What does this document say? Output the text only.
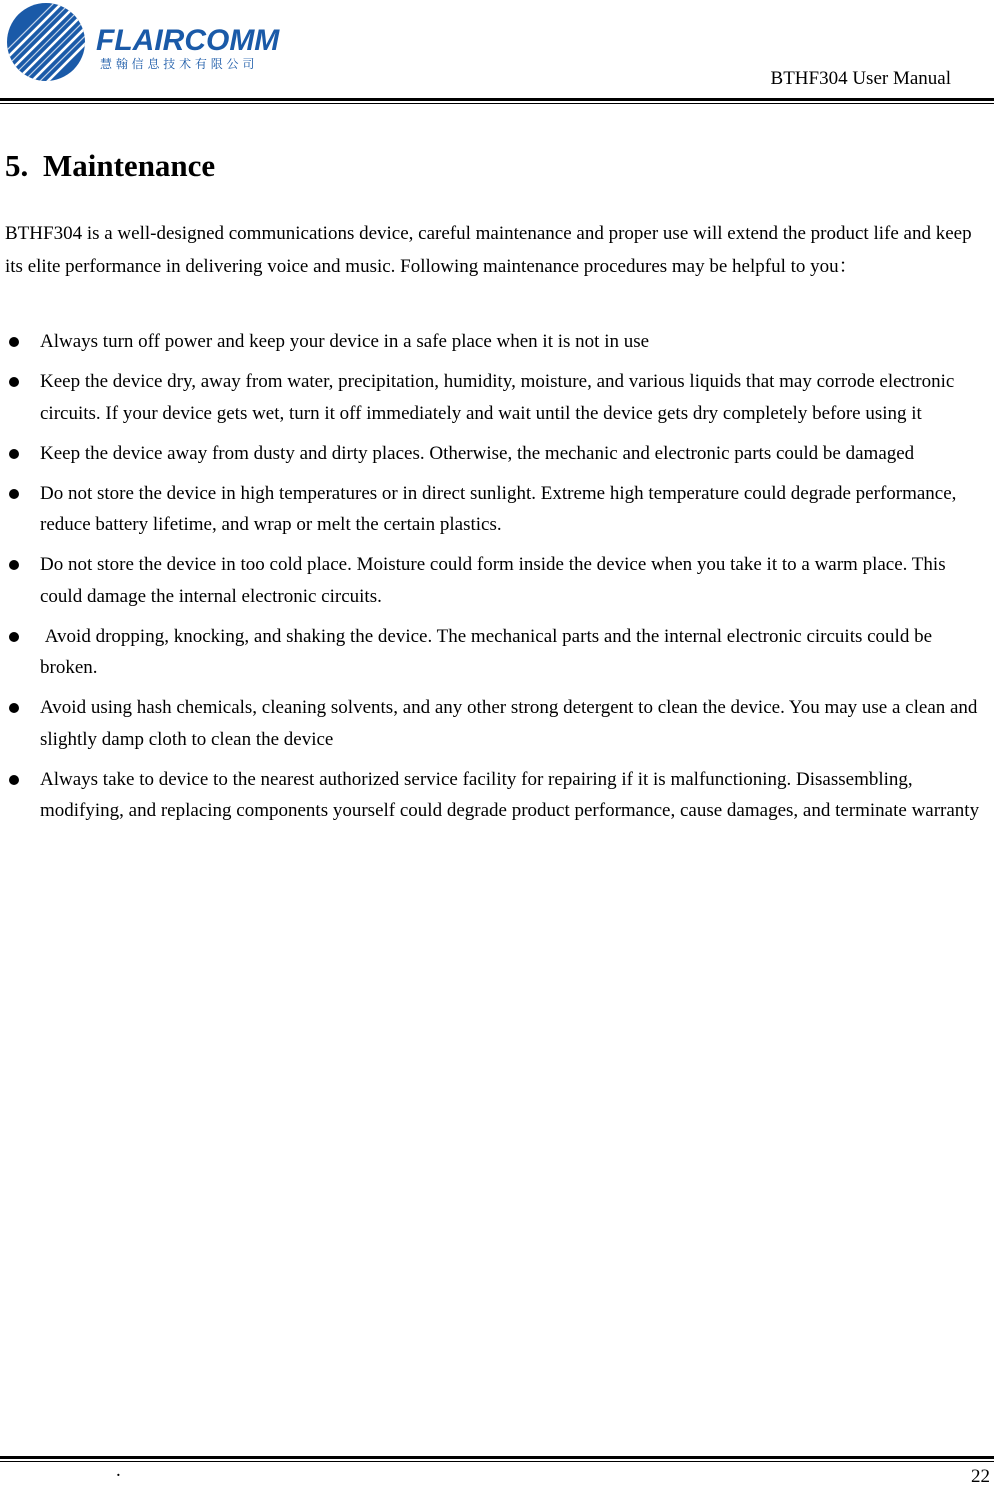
FLAIRCOMM
慧 翰 信 息 技 术 有 限 公 司
BTHF304 User Manual
5. Maintenance

BTHF304 is a well-designed communications device, careful maintenance and proper use will extend the product life and keep its elite performance in delivering voice and music. Following maintenance procedures may be helpful to you：

Always turn off power and keep your device in a safe place when it is not in use
Keep the device dry, away from water, precipitation, humidity, moisture, and various liquids that may corrode electronic circuits. If your device gets wet, turn it off immediately and wait until the device gets dry completely before using it
Keep the device away from dusty and dirty places. Otherwise, the mechanic and electronic parts could be damaged
Do not store the device in high temperatures or in direct sunlight. Extreme high temperature could degrade performance, reduce battery lifetime, and wrap or melt the certain plastics.
Do not store the device in too cold place. Moisture could form inside the device when you take it to a warm place. This could damage the internal electronic circuits.
Avoid dropping, knocking, and shaking the device. The mechanical parts and the internal electronic circuits could be broken.
Avoid using hash chemicals, cleaning solvents, and any other strong detergent to clean the device. You may use a clean and slightly damp cloth to clean the device
Always take to device to the nearest authorized service facility for repairing if it is malfunctioning. Disassembling, modifying, and replacing components yourself could degrade product performance, cause damages, and terminate warranty
.	22
